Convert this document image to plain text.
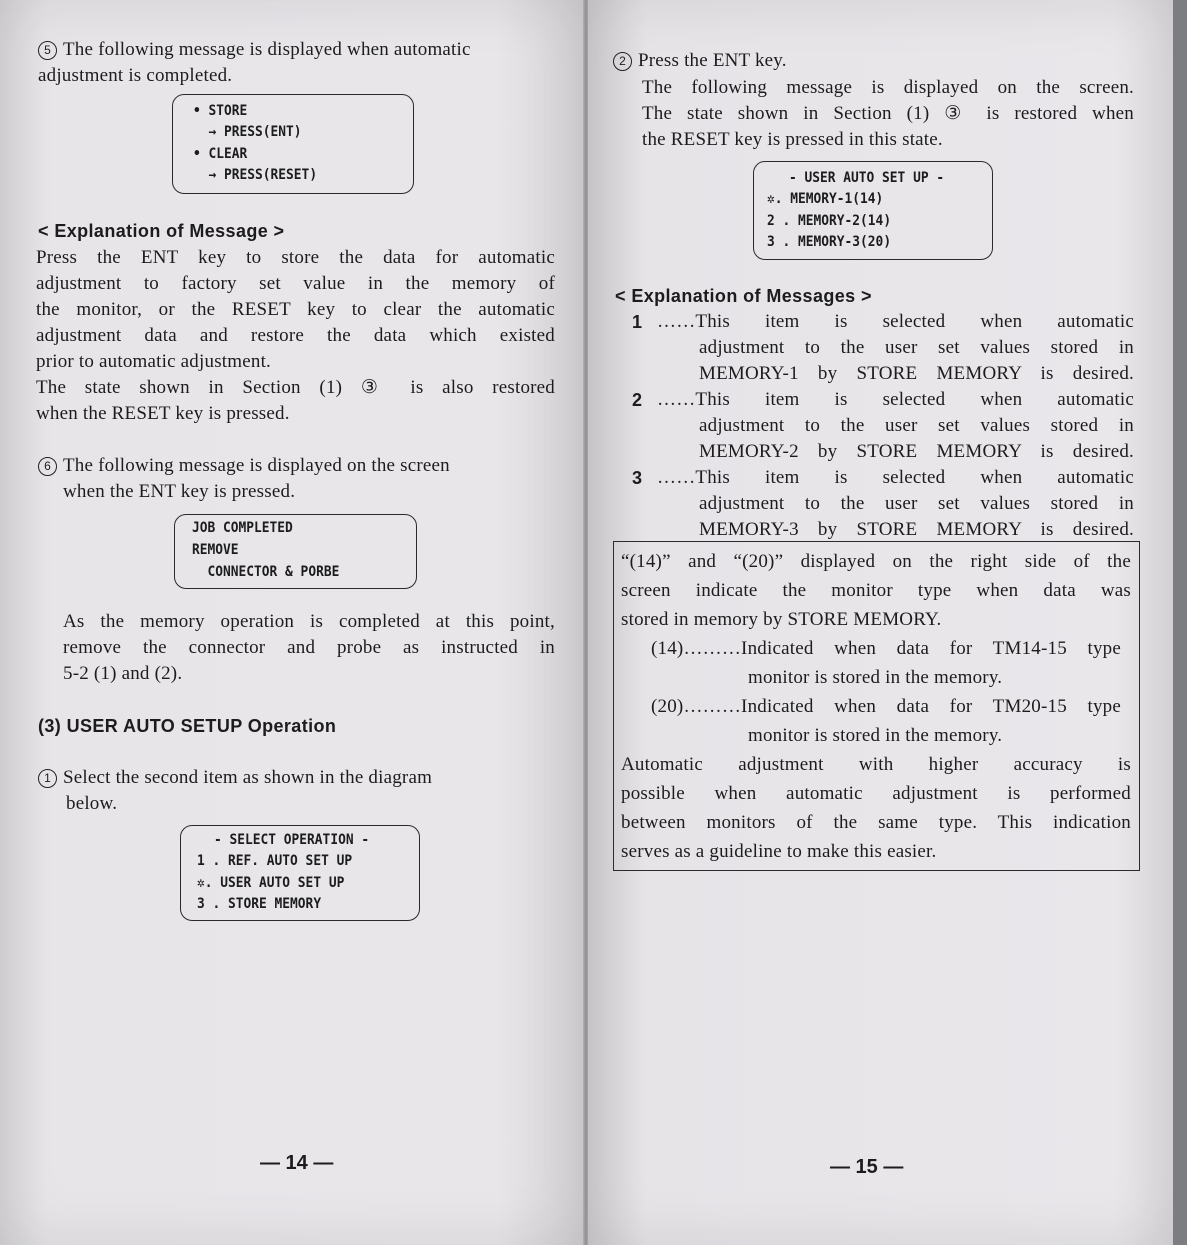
5 The following message is displayed when automatic
adjustment is completed.
• STORE
→ PRESS(ENT)
• CLEAR
→ PRESS(RESET)
< Explanation of Message >
Press the ENT key to store the data for automatic
adjustment to factory set value in the memory of
the monitor, or the RESET key to clear the automatic
adjustment data and restore the data which existed
prior to automatic adjustment.
The state shown in Section (1) ③ is also restored
when the RESET key is pressed.
6 The following message is displayed on the screen
when the ENT key is pressed.
JOB COMPLETED
REMOVE
CONNECTOR & PORBE
As the memory operation is completed at this point,
remove the connector and probe as instructed in
5-2 (1) and (2).
(3) USER AUTO SETUP Operation
1 Select the second item as shown in the diagram
below.
- SELECT OPERATION -
1 . REF. AUTO SET UP
✲. USER AUTO SET UP
3 . STORE MEMORY
— 14 —
2 Press the ENT key.
The following message is displayed on the screen.
The state shown in Section (1) ③ is restored when
the RESET key is pressed in this state.
- USER AUTO SET UP -
✲. MEMORY-1(14)
2 . MEMORY-2(14)
3 . MEMORY-3(20)
< Explanation of Messages >
1 ……This item is selected when automatic
adjustment to the user set values stored in
MEMORY-1 by STORE MEMORY is desired.
2 ……This item is selected when automatic
adjustment to the user set values stored in
MEMORY-2 by STORE MEMORY is desired.
3 ……This item is selected when automatic
adjustment to the user set values stored in
MEMORY-3 by STORE MEMORY is desired.
“(14)” and “(20)” displayed on the right side of the
screen indicate the monitor type when data was
stored in memory by STORE MEMORY.
(14)………Indicated when data for TM14-15 type
monitor is stored in the memory.
(20)………Indicated when data for TM20-15 type
monitor is stored in the memory.
Automatic adjustment with higher accuracy is
possible when automatic adjustment is performed
between monitors of the same type. This indication
serves as a guideline to make this easier.
— 15 —
